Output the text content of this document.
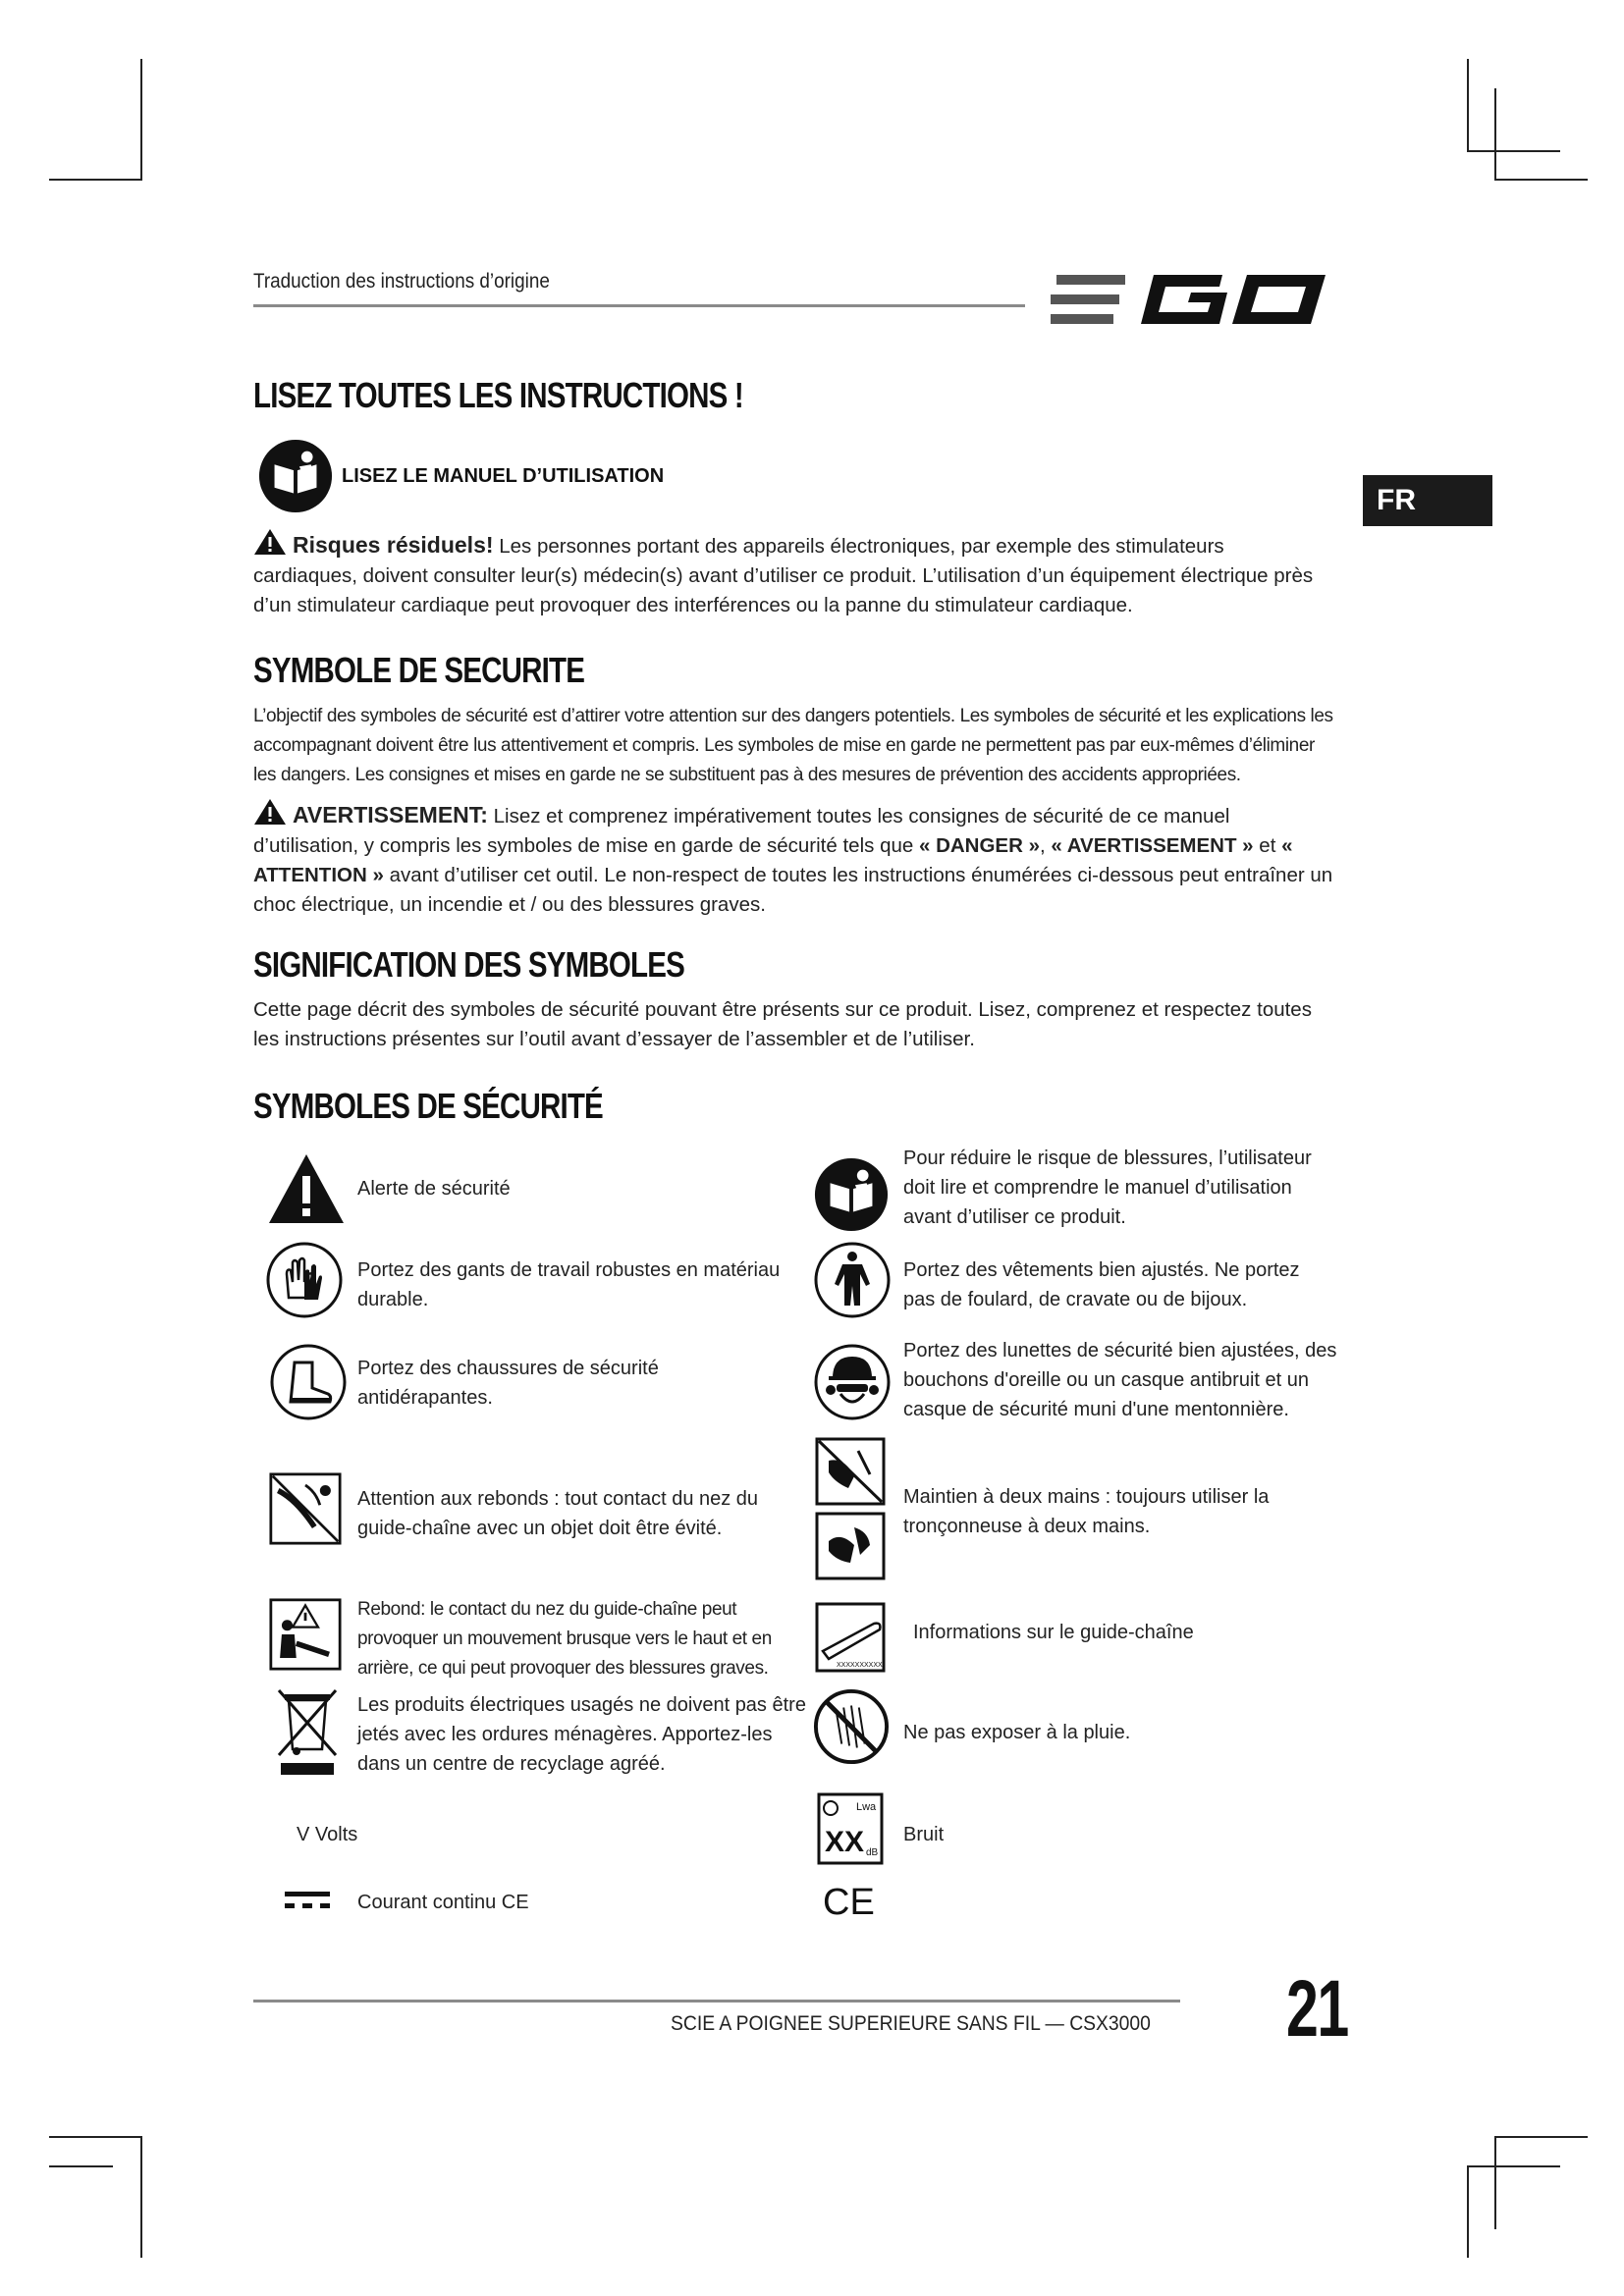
Traduction des instructions d’origine
EGO
FR
LISEZ TOUTES LES INSTRUCTIONS !
LISEZ LE MANUEL D’UTILISATION
Risques résiduels! Les personnes portant des appareils électroniques, par exemple des stimulateurs cardiaques, doivent consulter leur(s) médecin(s) avant d’utiliser ce produit. L’utilisation d’un équipement électrique près d’un stimulateur cardiaque peut provoquer des interférences ou la panne du stimulateur cardiaque.
SYMBOLE DE SECURITE
L’objectif des symboles de sécurité est d’attirer votre attention sur des dangers potentiels. Les symboles de sécurité et les explications les accompagnant doivent être lus attentivement et compris. Les symboles de mise en garde ne permettent pas par eux-mêmes d’éliminer les dangers. Les consignes et mises en garde ne se substituent pas à des mesures de prévention des accidents appropriées.
AVERTISSEMENT: Lisez et comprenez impérativement toutes les consignes de sécurité de ce manuel d’utilisation, y compris les symboles de mise en garde de sécurité tels que « DANGER », « AVERTISSEMENT » et « ATTENTION » avant d’utiliser cet outil. Le non-respect de toutes les instructions énumérées ci-dessous peut entraîner un choc électrique, un incendie et / ou des blessures graves.
SIGNIFICATION DES SYMBOLES
Cette page décrit des symboles de sécurité pouvant être présents sur ce produit. Lisez, comprenez et respectez toutes les instructions présentes sur l’outil avant d’essayer de l’assembler et de l’utiliser.
SYMBOLES DE SÉCURITÉ
Alerte de sécurité
Portez des gants de travail robustes en matériau durable.
Portez des chaussures de sécurité antidérapantes.
Attention aux rebonds : tout contact du nez du guide-chaîne avec un objet doit être évité.
Rebond: le contact du nez du guide-chaîne peut provoquer un mouvement brusque vers le haut et en arrière, ce qui peut provoquer des blessures graves.
Les produits électriques usagés ne doivent pas être jetés avec les ordures ménagères. Apportez-les dans un centre de recyclage agréé.
V Volts
Courant continu CE
Pour réduire le risque de blessures, l’utilisateur doit lire et comprendre le manuel d’utilisation avant d’utiliser ce produit.
Portez des vêtements bien ajustés. Ne portez pas de foulard, de cravate ou de bijoux.
Portez des lunettes de sécurité bien ajustées, des bouchons d'oreille ou un casque antibruit et un casque de sécurité muni d'une mentonnière.
Maintien à deux mains : toujours utiliser la tronçonneuse à deux mains.
XXXXXXXXXX
Informations sur le guide-chaîne
Ne pas exposer à la pluie.
Lwa
XX dB
Bruit
CE
SCIE A POIGNEE SUPERIEURE SANS FIL — CSX3000 21
